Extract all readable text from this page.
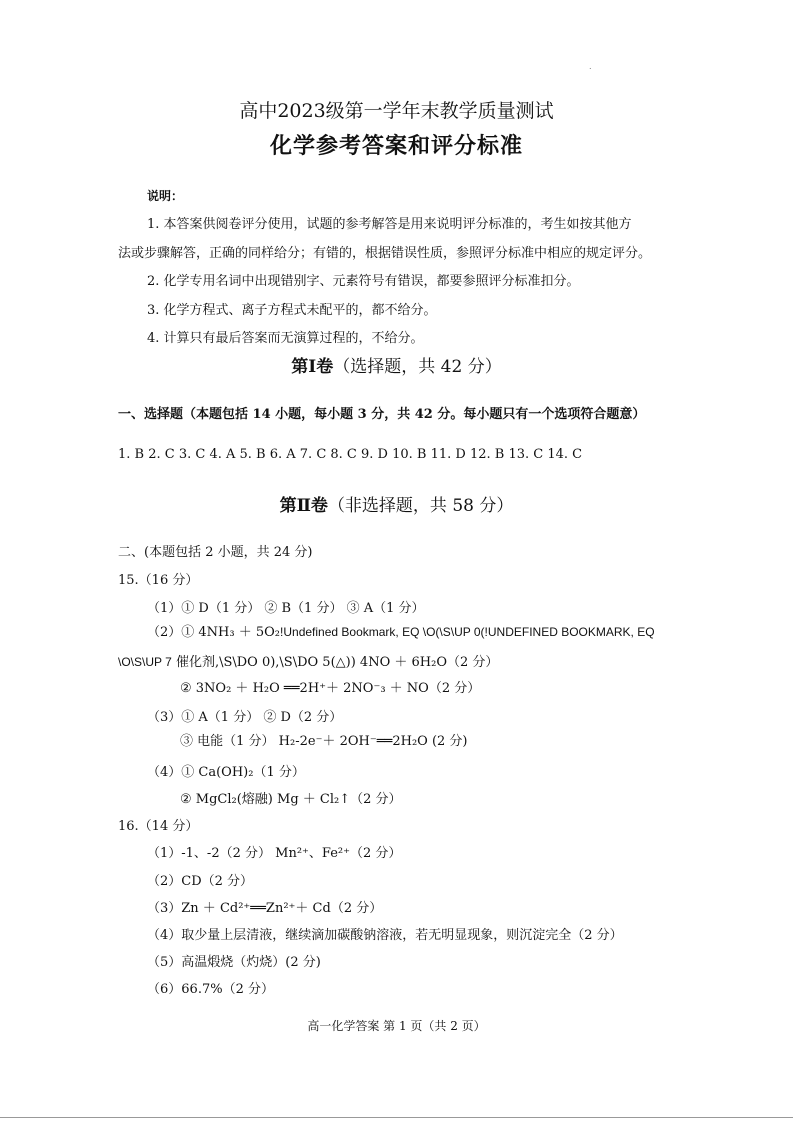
.
高中2023级第一学年末教学质量测试
化学参考答案和评分标准
说明：
1. 本答案供阅卷评分使用，试题的参考解答是用来说明评分标准的，考生如按其他方
法或步骤解答，正确的同样给分；有错的，根据错误性质，参照评分标准中相应的规定评分。
2. 化学专用名词中出现错别字、元素符号有错误，都要参照评分标准扣分。
3. 化学方程式、离子方程式未配平的，都不给分。
4. 计算只有最后答案而无演算过程的，不给分。
第Ⅰ卷（选择题，共 42 分）
一、选择题（本题包括 14 小题，每小题 3 分，共 42 分。每小题只有一个选项符合题意）
1. B 2. C 3. C 4. A 5. B 6. A 7. C 8. C 9. D 10. B 11. D 12. B 13. C 14. C
第Ⅱ卷（非选择题，共 58 分）
二、(本题包括 2 小题，共 24 分)
15.（16 分）
（1）① D（1 分） ② B（1 分） ③ A（1 分）
（2）① 4NH₃ ＋ 5O₂!Undefined Bookmark, EQ \O(\S\UP 0(!UNDEFINED BOOKMARK, EQ
\O\S\UP 7 催化剂,\S\DO 0),\S\DO 5(△)) 4NO ＋ 6H₂O（2 分）
② 3NO₂ ＋ H₂O ══2H⁺＋ 2NO⁻₃ ＋ NO（2 分）
（3）① A（1 分） ② D（2 分）
③ 电能（1 分） H₂-2e⁻＋ 2OH⁻══2H₂O (2 分)
（4）① Ca(OH)₂（1 分）
② MgCl₂(熔融) Mg ＋ Cl₂↑（2 分）
16.（14 分）
（1）-1、-2（2 分） Mn²⁺、Fe²⁺（2 分）
（2）CD（2 分）
（3）Zn ＋ Cd²⁺══Zn²⁺＋ Cd（2 分）
（4）取少量上层清液，继续滴加碳酸钠溶液，若无明显现象，则沉淀完全（2 分）
（5）高温煅烧（灼烧）(2 分)
（6）66.7%（2 分）
高一化学答案 第 1 页（共 2 页）
